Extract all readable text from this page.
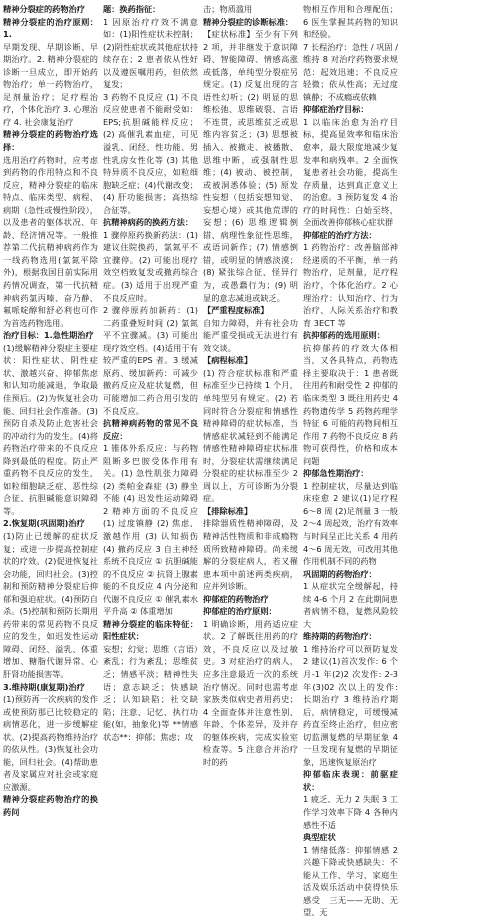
精神分裂症的药物治疗

精神分裂症的治疗原则：1.

早期发现、早期诊断、早期治疗。2. 精神分裂症的诊断一旦成立，即开始药物治疗；单一药物治疗，足剂量治疗；足疗程治疗，个体化治疗 3. 心理治疗 4. 社会康复治疗

精神分裂症的药物治疗选择：

选用治疗药物时，应考虑到药物的作用特点和不良反应，精神分裂症的临床特点、临床类型、病程、病期（急性或慢性阶段），以及患者的躯体状况、年龄、经济情况等。一般推荐第二代抗精神病药作为一线药物选用(氯氮平除外)，根据我国目前实际用药情况调查，第一代抗精神病药氯丙嗪、奋乃静、氟哌啶醇和舒必利也可作为首选药物选用。

治疗目标：1.急性期治疗

(1)缓解精神分裂症主要症状：阳性症状、阴性症状、激越兴奋、抑郁焦虑和认知功能减退，争取最佳预后。(2)为恢复社会功能、回归社会作准备。(3)预防自杀及防止危害社会的冲动行为的发生。(4)将药物治疗带来的不良反应降到最低的程度。防止严重药物不良反应的发生，如粒细胞缺乏症、恶性综合征、抗胆碱能意识障碍等。

2.恢复期(巩固期)治疗

(1)防止已缓解的症状反复；或进一步提高控制症状的疗效。(2)促进恢复社会功能，回归社会。(3)控制和预防精神分裂症后抑郁和强迫症状。(4)预防自杀。(5)控制和预防长期用药带来的常见药物不良反应的发生，如迟发性运动障碍、闭经、溢乳、体重增加、糖脂代谢异常、心肝肾功能损害等。

3.维持期(康复期)治疗

(1)预防再一次疾病的发作或使预防那已比较稳定的病情恶化，进一步缓解症状。(2)提高药物维持治疗的依从性。(3)恢复社会功能，回归社会。(4)帮助患者及家属应对社会或家庭应激源。

精神分裂症药物治疗的换药问

题：换药指征：

1 因原治疗疗效不满意如：(1)阳性症状未控制；(2)阴性症状或其他症状持续存在；2 患者依从性好以及遵医嘱用药，但依然复发；

3 药物不良反应 (1) 不良反应使患者不能耐受如：EPS;抗胆碱能样反应；(2) 高催乳素血症，可见溢乳、闭经、性功能、男性乳房女性化等 (3) 其他特异质不良反应，如粒细胞缺乏症；(4)代谢改变；(4) 肝功能损害；高热综合征等。

抗精神病药的换药方法：

1 骤停原药换新药法：(1) 建议住院换药，氯氮平不宜骤停。(2) 可能出现疗效空档致复发或撤药综合症。(3) 适用于出现严重不良反应时。

2 骤停原药加新药：(1) 二药重叠短时间 (2) 氯氮平不宜骤减。(3) 可能出现疗效空档。(4)适用于有较严重的EPS 者。3 缓减原药、缓加新药：可减少撤药反应及症状复燃，但可能增加二药合用引发的不良反应。

抗精神病药物的常见不良反应：

1 锥体外系反应：与药物阻断多巴胺受体作用有关。(1) 急性肌张力障碍 (2) 类帕金森症 (3) 静坐不能 (4) 迟发性运动障碍 2 精神方面的不良反应 (1) 过度镇静 (2) 焦虑、激越作用 (3) 认知损伤 (4) 撤药反应 3 自主神经系统不良反应 ① 抗胆碱能的不良反应 ② 抗肾上腺素能的不良反应 4 内分泌和代谢不良反应 ① 催乳素水平升高 ② 体重增加

精神分裂症的临床特征：阳性症状：

妄想；幻觉；思维（言语）紊乱；行为紊乱；思维贫乏；情感平淡；精神性失语；意志缺乏；快感缺乏；认知缺陷；社交缺陷；注意、记忆、执行功能(如，抽象化)等 **情感状态**：抑郁；焦虑；攻

击；物质滥用

精神分裂症的诊断标准：

【症状标准】至少有下列 2 项，并非继发于意识障碍、智能障碍、情感高涨或低落，单纯型分裂症另规定。(1) 反复出现的言语性幻听；(2) 明显的思维松弛、思维破裂、言语不连贯，或思维贫乏或思维内容贫乏；(3) 思想被插入、被撤走、被播散、思维中断，或强制性思维；(4) 被动、被控制，或被洞悉体验；(5) 原发性妄想（包括妄想知觉、妄想心境）或其他荒谬的妄想；(6) 思维逻辑倒错、病理性象征性思维，或语词新作；(7) 情感倒错，或明显的情感淡漠；(8) 紧张综合征、怪异行为，或愚蠢行为；(9) 明显的意志减退或缺乏。

【严重程度标准】

自知力障碍，并有社会功能严重受损或无法进行有效交谈。

【病程标准】

(1) 符合症状标准和严重标准至少已持续 1 个月，单纯型另有规定。(2) 若同时符合分裂症和情感性精神障碍的症状标准，当情感症状减轻到不能满足情感性精神障碍症状标准时，分裂症状需继续满足分裂症的症状标准至少 2 周以上，方可诊断为分裂症。

【排除标准】

排除器质性精神障碍，及精神活性物质和非成瘾物质所致精神障碍。尚未缓解的分裂症病人，若又罹患本项中前述两类疾病，应并列诊断。

抑郁症的药物治疗

抑郁症的治疗原则：

1 明确诊断，用药适应症状。2 了解既往用药的疗效，不良反应以及过敏史。3 对症治疗的病人，应多注意最近一次的系统治疗情况。同时也需考虑家族类似病史者用药史；4 全面查体并注意性别、年龄、个体差异，及并存的躯体疾病，完成实验室检查等。5 注意合并治疗时的药

物相互作用和合理配伍；6 医生掌握其药物的知识和经验。

7 长程治疗：急性 / 巩固 / 维持 8 对治疗药物要求规范：起效迅速；不良反应轻微；依从性高；无过度镇静；不成瘾或依赖

抑郁症治疗目标：

1 以临床治愈为治疗目标，提高显效率和临床治愈率，最大限度地减少复发率和病残率。2 全面恢复患者社会功能，提高生存质量，达到真正意义上的治愈。3 预防复发 4 治疗的时间性：白始至终，全面改善抑郁核心症状群

抑郁症的治疗方法：

1 药物治疗：改善脑部神经递质的不平衡，单一药物治疗，足剂量，足疗程治疗，个体化治疗。2 心理治疗：认知治疗、行为治疗、人际关系治疗和教育 3ECT 等

抗抑郁药的选用原则：

抗抑郁药的疗效大体相当，又各具特点，药物选择主要取决于：1 患者既往用药和耐受性 2 抑郁的临床类型 3 既往用药史 4 药物遗传学 5 药物药理学特征 6 可能的药物间相互作用 7 药物不良反应 8 药物可获得性，价格和成本问题

抑郁急性期治疗：

1 控制症状，尽量达到临床痊愈 2 建议(1)足疗程 6～8 周 (2)足剂量 3 一般 2～4 周起效，治疗有效率与时间呈正比关系 4 用药 4～6 周无效，可改用其他作用机制不同的药物

巩固期的药物治疗：

1 从症状完全缓解起，持续 4-6 个月 2 在此期间患者病情不稳，复燃风险较大

维持期的药物治疗：

1 维持治疗可以预防复发 2 建议(1)首次发作: 6 个月-1 年(2)2 次发作: 2-3 年(3)02 次以上的发作: 长期治疗 3 维持治疗期后，病情稳定，可缓慢减药直至终止治疗，但应密切监测复燃的早期征象 4 一旦发现有复燃的早期征象，迅速恢复原治疗

抑郁临床表现：前驱症状：

1 疲乏、无力 2 失眠 3 工作学习效率下降 4 各种内感性不适

典型症状

1 情绪低落：抑郁情感 2 兴趣下降或快感缺失：不能从工作、学习、家庭生活及娱乐活动中获得快乐感受　三无——无助、无望、无
